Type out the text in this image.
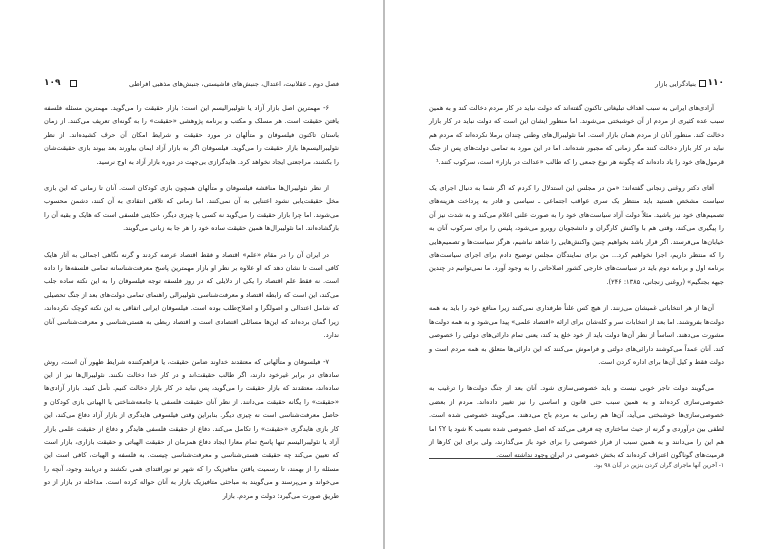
فصل دوم ـ عقلانیت، اعتدال، جنبش‌های فاشیستی، جنبش‌های مذهبی افراطی
۱۰۹

۶- مهمترین اصل بازار آزاد یا نئولیبرالیسم این است: بازار حقیقت را می‌گوید. مهمترین مسئله فلسفه یافتن حقیقت است. هر مسلک و مکتب و برنامه پژوهشی «حقیقت» را به گونه‌ای تعریف می‌کنند. از زمان باستان تاکنون فیلسوفان و متألهان در مورد حقیقت و شرایط امکان آن حرف کشیده‌اند. از نظر نئولیبرالیسم‌ها بازار حقیقت را می‌گوید. فیلسوفان اگر به بازار آزاد ایمان بیاورند بعد بیوند بازی حقیقت‌شان را بکشند، مراجعتی ایجاد نخواهد کرد. هایدگرازی بی‌جهت در دوره بازار آزاد به اوج نرسید.

از نظر نئولیبرال‌ها مناقشه فیلسوفان و متألهان همچون بازی کودکان است. آنان تا زمانی که این بازی مخل حقیقت‌یابی نشود اعتنایی به آن نمی‌کنند. اما زمانی که تلاقی انتقادی به آن کنند، دشمن محسوب می‌شوند. اما چرا بازار حقیقت را می‌گوید نه کسی یا چیزی دیگر، حکایتی فلسفی است که هایک و بقیه آن را بازگشاده‌اند. اما نئولیبرال‌ها همین حقیقت ساده خود را هر جا به زبانی می‌گویند.

در ایران آن را در مقام «علم» اقتصاد و فقط اقتصاد عرضه کردند و گرنه نگاهی اجمالی به آثار هایک کافی است تا نشان دهد که او علاوه بر نظر او بازار مهمترین پاسخ معرفت‌شناسانه تمامی فلسفه‌ها را داده است. نه فقط علم اقتصاد را یکی از دلایلی که در روز فلسفه توجه فیلسوفان را به این نکته ساده جلب می‌کند، این است که رابطه اقتصاد و معرفت‌شناسی نئولیبرالی راهنمای تمامی دولت‌های بعد از جنگ تحصیلی که شامل اعتدالی و اصولگرا و اصلاح‌طلب بوده است. فیلسوفان ایرانی اتفاقی به این نکته کوچک نکرده‌اند، زیرا گمان برده‌اند که این‌ها مسائلی اقتصادی است و اقتصاد ربطی به هستی‌شناسی و معرفت‌شناسی آنان ندارد.

۷- فیلسوفان و متألهانی که معتقدند خداوند ضامن حقیقت، یا فراهم‌کننده شرایط ظهور آن است، روش سادهای در برابر غیرخود دارند، اگر طالب حقیقت‌اند و در کار خدا دخالت نکنند. نئولیبرال‌ها نیز از این ساده‌اند، معتقدند که بازار حقیقت را می‌گوید، پس نباید در کار بازار دخالت کنیم. تأمل کنید. بازار آزادی‌ها «حقیقت» را یگانه حقیقت می‌دانند. از نظر آنان حقیقت فلسفی یا جامعه‌شناختی یا الهیاتی بازی کودکان و حاصل معرفت‌شناسی است نه چیزی دیگر. بنابراین وقتی فیلسوفی هایدگری از بازار آزاد دفاع می‌کند، این کار بازی هایدگری «حقیقت» را تکامل می‌کند. دفاع از حقیقت فلسفی هایدگر و دفاع از حقیقت علمی بازار آزاد یا نئولیبرالیسم تنها پاسخ تمام معارا ایجاد دفاع همزمان از حقیقت الهیاتی و حقیقت بازاری، بازار است که تعیین می‌کند چه حقیقت هستی‌شناسی و معرفت‌شناسی چیست. به فلسفه و الهیات، کافی است این مسئله را از بهمند، تا رسمیت یافتن متافیزیک را که شهر تو نوراقتدای همی نکشند و دریابند وجود، آنچه را می‌خواند و می‌پرسند و می‌گویند به مباحثی متافیزیک بازار به آنان حواله کرده است. مداخله در بازار از دو طریق صورت می‌گیرد: دولت و مردم. بازار

۱۱۰
بنیادگرایی بازار

آزادی‌های ایرانی به سبب اهداف تبلیغاتی تاکنون گفته‌اند که دولت نباید در کار مردم دخالت کند و به همین سبب عده کثیری از مردم از آن خوشبختی می‌شوند. اما منظور ایشان این است که دولت نباید در کار بازار دخالت کند. منظور آنان از مردم همان بازار است. اما نئولیبرال‌های وطنی چندان برملا نکرده‌اند که مردم هم نباید در کار بازار دخالت کنند مگر زمانی که مجبور شده‌اند. اما در این مورد به تمامی دولت‌های پس از جنگ قرمول‌های خود را یاد داده‌اند که چگونه هر نوع جمعی را که طالب «عدالت در بازار» است، سرکوب کنند.¹

آقای دکتر روغنی زنجانی گفته‌اند: «من در مجلس این استدلال را کردم که اگر شما به دنبال اجرای یک سیاست مشخص هستید باید منتظر یک سری عواقب اجتماعی ـ سیاسی و قادر به پرداخت هزینه‌های تصمیم‌های خود نیز باشید. مثلاً دولت آزاد سیاست‌های خود را به صورت علنی اعلام می‌کند و به شدت نیز آن را پیگیری می‌کند، وقتی هم با واکنش کارگران و دانشجویان روبرو می‌شود، پلیس را برای سرکوب آنان به خیابان‌ها می‌فرستد. اگر قرار باشد بخواهیم چنین واکنش‌هایی را شاهد نباشیم، هرگز سیاست‌ها و تصمیم‌هایی را که منتظر داریم، اجرا نخواهیم کرد... من برای نمایندگان مجلس توضیح دادم برای اجرای سیاست‌های برنامه اول و برنامه دوم باید در سیاست‌های خارجی کشور اصلاحاتی را به وجود آورد. ما نمی‌توانیم در چندین جبهه بجنگیم» (روغنی زنجانی، ۱۳۸۵: ۲۴۶).

آن‌ها از هر انتخاباتی غمیشان می‌زنند. از هیچ کس علناً طرفداری نمی‌کنند زیرا منافع خود را باید به همه دولت‌ها بفروشند. اما بعد از انتخابات سر و کله‌شان برای ارائه «اقتصاد علمی» پیدا می‌شود و به همه دولت‌ها مشورت می‌دهند. اساساً از نظر آن‌ها دولت باید از خود خلع ید کند، یعنی تمام دارائی‌های دولتی را خصوصی کند. آنان عمداً می‌کوشند دارائی‌های دولتی و فراموش می‌کنند که این دارائی‌ها متعلق به همه مردم است و دولت فقط و کیل آن‌ها برای اداره کردن است.

می‌گویند دولت تاجر خوبی نیست و باید خصوصی‌سازی شود. آنان بعد از جنگ دولت‌ها را ترغیب به خصوصی‌سازی کرده‌اند و به همین سبب حتی قانون و اساسی را نیز تغییر داده‌اند. مردم از بعضی خصوصی‌سازی‌ها خوشبختی می‌آید، آن‌ها هم زمانی به مردم باج می‌دهند. می‌گویند خصوصی شده است. لطفی بین درآوردی و گرنه از حیث ساختاری چه فرقی می‌کند که اصل خصوصی شده نصیب K شود یا Y؟ اما هم این را می‌دانند و به همین سبب از فراز خصوصی را برای خود باز می‌گذارند، ولی برای این کارها از قرمیت‌های گوناگون اعتراف کرده‌اند که بخش خصوصی در ایران وجود نداشته است.

۱- آخرین آنها ماجرای گران کردن بنزین در آبان ۹۸ بود.
